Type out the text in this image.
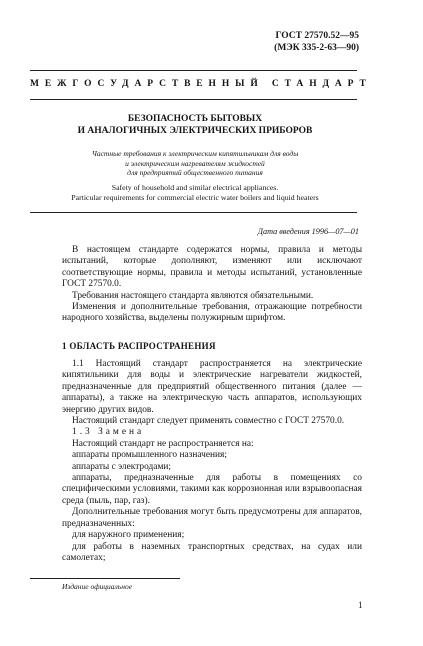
ГОСТ 27570.52—95
(МЭК 335-2-63—90)
МЕЖГОСУДАРСТВЕННЫЙ СТАНДАРТ
БЕЗОПАСНОСТЬ БЫТОВЫХ
И АНАЛОГИЧНЫХ ЭЛЕКТРИЧЕСКИХ ПРИБОРОВ
Частные требования к электрическим кипятильникам для воды
и электрическим нагревателям жидкостей
для предприятий общественного питания
Safety of household and similar electrical appliances.
Particular requirements for commercial electric water boilers and liquid heaters
Дата введения 1996—07—01

В настоящем стандарте содержатся нормы, правила и методы испытаний, которые дополняют, изменяют или исключают соответствующие нормы, правила и методы испытаний, установленные ГОСТ 27570.0.

Требования настоящего стандарта являются обязательными.

Изменения и дополнительные требования, отражающие потребности народного хозяйства, выделены полужирным шрифтом.

1 ОБЛАСТЬ РАСПРОСТРАНЕНИЯ

1.1 Настоящий стандарт распространяется на электрические кипятильники для воды и электрические нагреватели жидкостей, предназначенные для предприятий общественного питания (далее — аппараты), а также на электрическую часть аппаратов, использующих энергию других видов.

Настоящий стандарт следует применять совместно с ГОСТ 27570.0.

1.3 Замена

Настоящий стандарт не распространяется на:

аппараты промышленного назначения;

аппараты с электродами;

аппараты, предназначенные для работы в помещениях со специфическими условиями, такими как коррозионная или взрывоопасная среда (пыль, пар, газ).

Дополнительные требования могут быть предусмотрены для аппаратов, предназначенных:

для наружного применения;

для работы в наземных транспортных средствах, на судах или самолетах;

Издание официальное
1
